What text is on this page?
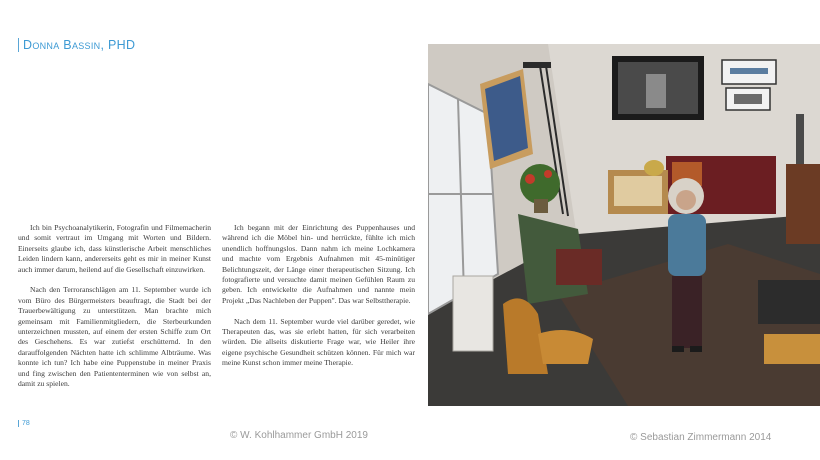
Donna Bassin, PHD

Ich bin Psychoanalytikerin, Fotografin und Filmemacherin und somit vertraut im Umgang mit Worten und Bildern. Einerseits glaube ich, dass künstlerische Arbeit menschliches Leiden lindern kann, andererseits geht es mir in meiner Kunst auch immer darum, heilend auf die Gesellschaft einzuwirken.

Nach den Terroranschlägen am 11. September wurde ich vom Büro des Bürgermeisters beauftragt, die Stadt bei der Trauerbewältigung zu unterstützen. Man brachte mich gemeinsam mit Familienmitgliedern, die Sterbeurkunden unterzeichnen mussten, auf einem der ersten Schiffe zum Ort des Geschehens. Es war zutiefst erschütternd. In den darauffolgenden Nächten hatte ich schlimme Albträume. Was konnte ich tun? Ich habe eine Puppenstube in meiner Praxis und fing zwischen den Patiententerminen wie von selbst an, damit zu spielen.

Ich begann mit der Einrichtung des Puppenhauses und während ich die Möbel hin- und herrückte, fühlte ich mich unendlich hoffnungslos. Dann nahm ich meine Lochkamera und machte vom Ergebnis Aufnahmen mit 45-minütiger Belichtungszeit, der Länge einer therapeutischen Sitzung. Ich fotografierte und versuchte damit meinen Gefühlen Raum zu geben. Ich entwickelte die Aufnahmen und nannte mein Projekt „Das Nachleben der Puppen". Das war Selbsttherapie.

Nach dem 11. September wurde viel darüber geredet, wie Therapeuten das, was sie erlebt hatten, für sich verarbeiten würden. Die allseits diskutierte Frage war, wie Heiler ihre eigene psychische Gesundheit schützen können. Für mich war meine Kunst schon immer meine Therapie.

78
© W. Kohlhammer GmbH 2019	© Sebastian Zimmermann 2014
